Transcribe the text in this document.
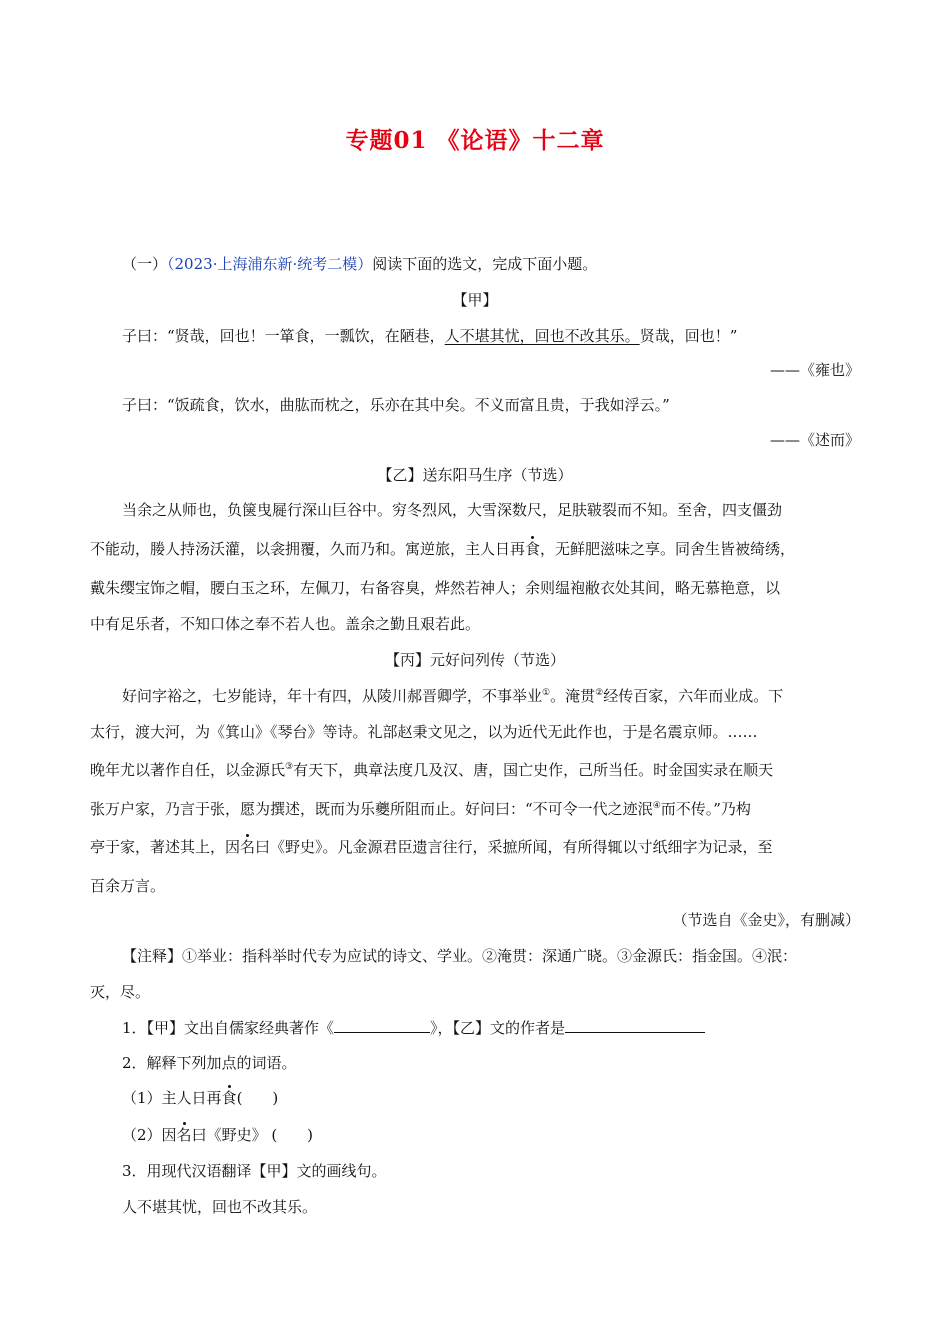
专题01 《论语》十二章
（一）（2023·上海浦东新·统考二模）阅读下面的选文，完成下面小题。
【甲】
子曰：“贤哉，回也！一箪食，一瓢饮，在陋巷，人不堪其忧，回也不改其乐。贤哉，回也！”
——《雍也》
子曰：“饭疏食，饮水，曲肱而枕之，乐亦在其中矣。不义而富且贵，于我如浮云。”
——《述而》
【乙】送东阳马生序（节选）
当余之从师也，负箧曳屣行深山巨谷中。穷冬烈风，大雪深数尺，足肤皲裂而不知。至舍，四支僵劲
不能动，媵人持汤沃灌，以衾拥覆，久而乃和。寓逆旅，主人日再食，无鲜肥滋味之享。同舍生皆被绮绣，
戴朱缨宝饰之帽，腰白玉之环，左佩刀，右备容臭，烨然若神人；余则缊袍敝衣处其间，略无慕艳意，以
中有足乐者，不知口体之奉不若人也。盖余之勤且艰若此。
【丙】元好问列传（节选）
好问字裕之，七岁能诗，年十有四，从陵川郝晋卿学，不事举业①。淹贯②经传百家，六年而业成。下
太行，渡大河，为《箕山》《琴台》等诗。礼部赵秉文见之，以为近代无此作也，于是名震京师。……
晚年尤以著作自任，以金源氏③有天下，典章法度几及汉、唐，国亡史作，己所当任。时金国实录在顺天
张万户家，乃言于张，愿为撰述，既而为乐夔所阻而止。好问曰：“不可令一代之迹泯④而不传。”乃构
亭于家，著述其上，因名曰《野史》。凡金源君臣遗言往行，采摭所闻，有所得辄以寸纸细字为记录，至
百余万言。
（节选自《金史》，有删减）
【注释】①举业：指科举时代专为应试的诗文、学业。②淹贯：深通广晓。③金源氏：指金国。④泯：
灭，尽。
1．【甲】文出自儒家经典著作《	》，【乙】文的作者是
2．解释下列加点的词语。
（1）主人日再食(　　)
（2）因名曰《野史》 (　　)
3．用现代汉语翻译【甲】文的画线句。
人不堪其忧，回也不改其乐。
